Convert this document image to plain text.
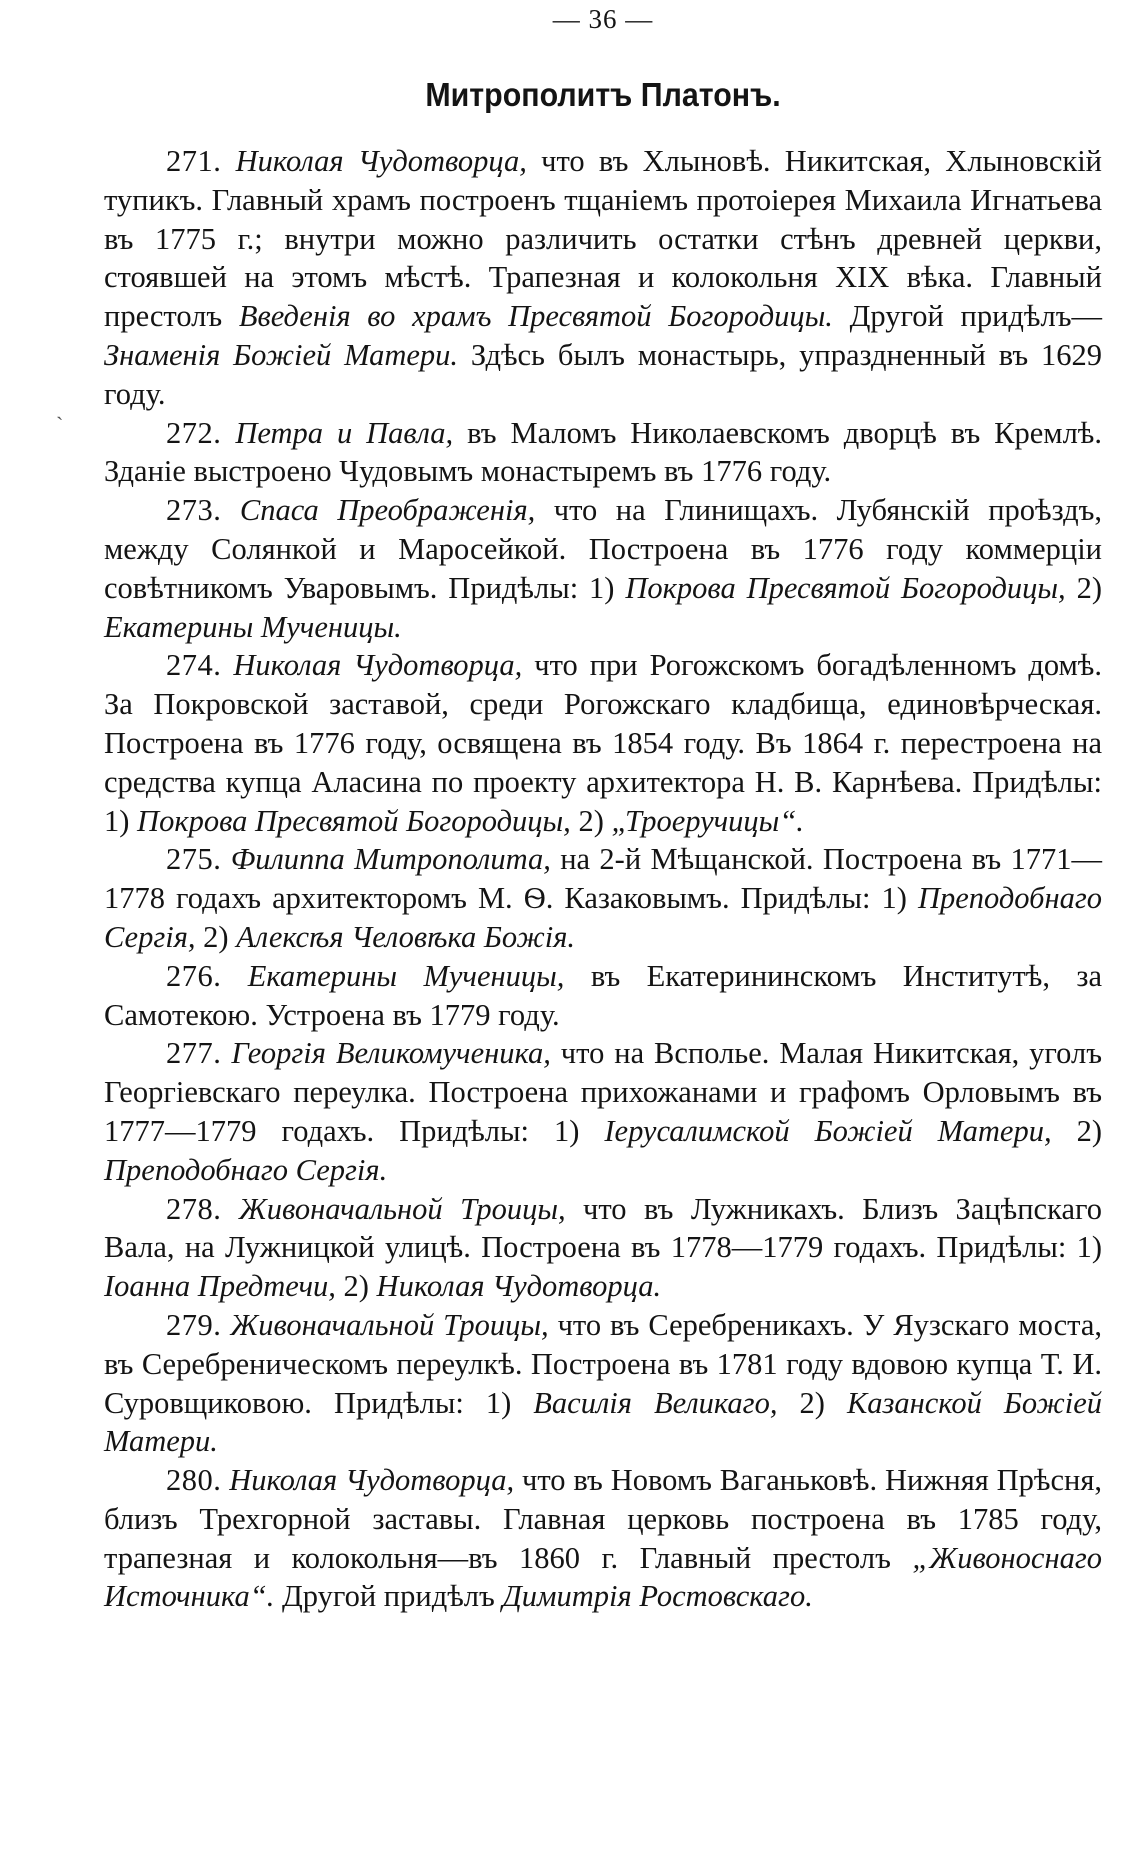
— 36 —
Митрополитъ Платонъ.

271. Николая Чудотворца, что въ Хлыновѣ. Никитская, Хлыновскій тупикъ. Главный храмъ построенъ тщаніемъ протоіерея Михаила Игнатьева въ 1775 г.; внутри можно различить остатки стѣнъ древней церкви, стоявшей на этомъ мѣстѣ. Трапезная и колокольня XIX вѣка. Главный престолъ Введенія во храмъ Пресвятой Богородицы. Другой придѣлъ—Знаменія Божіей Матери. Здѣсь былъ монастырь, упраздненный въ 1629 году.

272. Петра и Павла, въ Маломъ Николаевскомъ дворцѣ въ Кремлѣ. Зданіе выстроено Чудовымъ монастыремъ въ 1776 году.

273. Спаса Преображенія, что на Глинищахъ. Лубянскій проѣздъ, между Солянкой и Маросейкой. Построена въ 1776 году коммерціи совѣтникомъ Уваровымъ. Придѣлы: 1) Покрова Пресвятой Богородицы, 2) Екатерины Мученицы.

274. Николая Чудотворца, что при Рогожскомъ богадѣленномъ домѣ. За Покровской заставой, среди Рогожскаго кладбища, единовѣрческая. Построена въ 1776 году, освящена въ 1854 году. Въ 1864 г. перестроена на средства купца Аласина по проекту архитектора Н. В. Карнѣева. Придѣлы: 1) Покрова Пресвятой Богородицы, 2) „Троеручицы“.

275. Филиппа Митрополита, на 2-й Мѣщанской. Построена въ 1771—1778 годахъ архитекторомъ М. Ѳ. Казаковымъ. Придѣлы: 1) Преподобнаго Сергія, 2) Алексѣя Человѣка Божія.

276. Екатерины Мученицы, въ Екатерининскомъ Институтѣ, за Самотекою. Устроена въ 1779 году.

277. Георгія Великомученика, что на Всполье. Малая Никитская, уголъ Георгіевскаго переулка. Построена прихожанами и графомъ Орловымъ въ 1777—1779 годахъ. Придѣлы: 1) Іерусалимской Божіей Матери, 2) Преподобнаго Сергія.

278. Живоначальной Троицы, что въ Лужникахъ. Близъ Зацѣпскаго Вала, на Лужницкой улицѣ. Построена въ 1778—1779 годахъ. Придѣлы: 1) Іоанна Предтечи, 2) Николая Чудотворца.

279. Живоначальной Троицы, что въ Серебреникахъ. У Яузскаго моста, въ Серебреническомъ переулкѣ. Построена въ 1781 году вдовою купца Т. И. Суровщиковою. Придѣлы: 1) Василія Великаго, 2) Казанской Божіей Матери.

280. Николая Чудотворца, что въ Новомъ Ваганьковѣ. Нижняя Прѣсня, близъ Трехгорной заставы. Главная церковь построена въ 1785 году, трапезная и колокольня—въ 1860 г. Главный престолъ „Живоноснаго Источника“. Другой придѣлъ Димитрія Ростовскаго.

ˋ
